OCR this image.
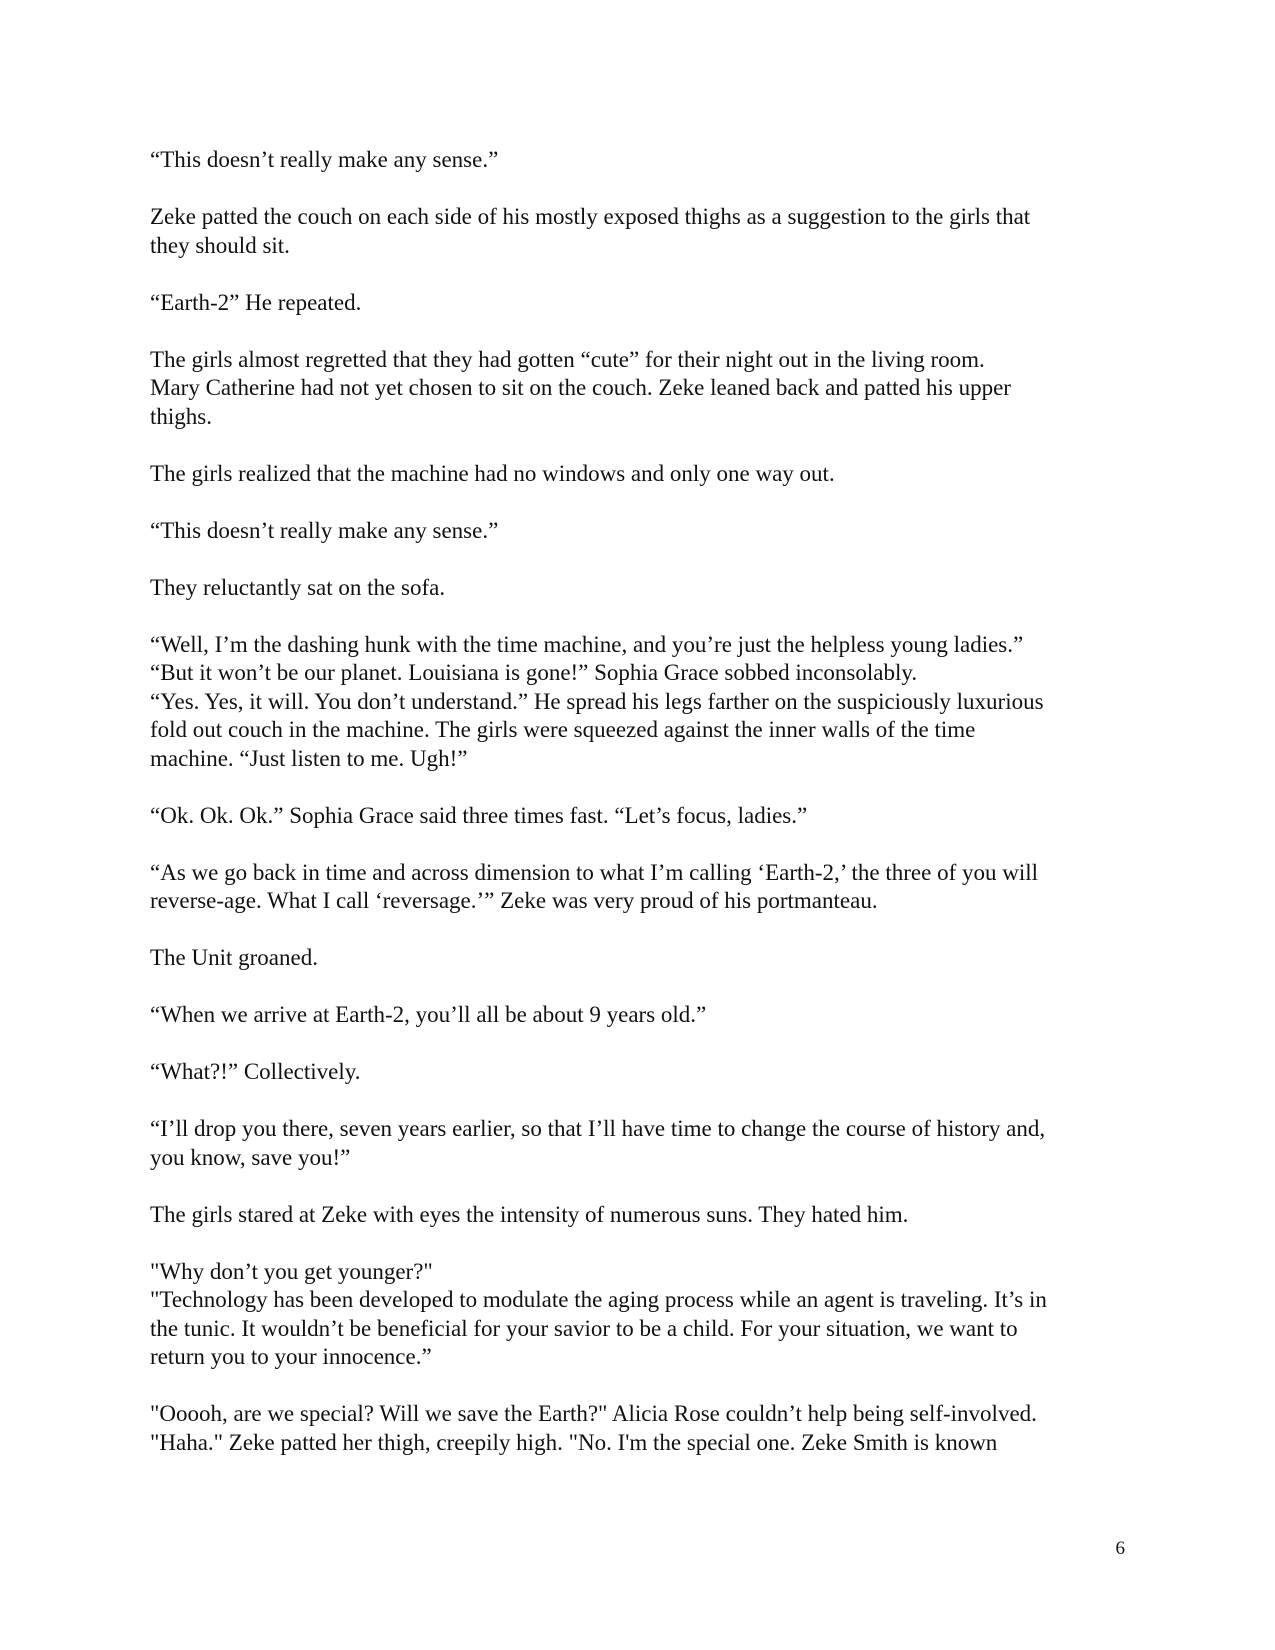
“This doesn’t really make any sense.”

Zeke patted the couch on each side of his mostly exposed thighs as a suggestion to the girls that
they should sit.

“Earth-2” He repeated.

The girls almost regretted that they had gotten “cute” for their night out in the living room.
Mary Catherine had not yet chosen to sit on the couch. Zeke leaned back and patted his upper
thighs.

The girls realized that the machine had no windows and only one way out.

“This doesn’t really make any sense.”

They reluctantly sat on the sofa.

“Well, I’m the dashing hunk with the time machine, and you’re just the helpless young ladies.”
“But it won’t be our planet. Louisiana is gone!” Sophia Grace sobbed inconsolably.
“Yes. Yes, it will. You don’t understand.” He spread his legs farther on the suspiciously luxurious
fold out couch in the machine. The girls were squeezed against the inner walls of the time
machine. “Just listen to me. Ugh!”

“Ok. Ok. Ok.” Sophia Grace said three times fast. “Let’s focus, ladies.”

“As we go back in time and across dimension to what I’m calling ‘Earth-2,’ the three of you will
reverse-age. What I call ‘reversage.’” Zeke was very proud of his portmanteau.

The Unit groaned.

“When we arrive at Earth-2, you’ll all be about 9 years old.”

“What?!” Collectively.

“I’ll drop you there, seven years earlier, so that I’ll have time to change the course of history and,
you know, save you!”

The girls stared at Zeke with eyes the intensity of numerous suns. They hated him.

"Why don’t you get younger?"
"Technology has been developed to modulate the aging process while an agent is traveling. It’s in
the tunic. It wouldn’t be beneficial for your savior to be a child. For your situation, we want to
return you to your innocence.”

"Ooooh, are we special? Will we save the Earth?" Alicia Rose couldn’t help being self-involved.
"Haha." Zeke patted her thigh, creepily high. "No. I'm the special one. Zeke Smith is known

6
